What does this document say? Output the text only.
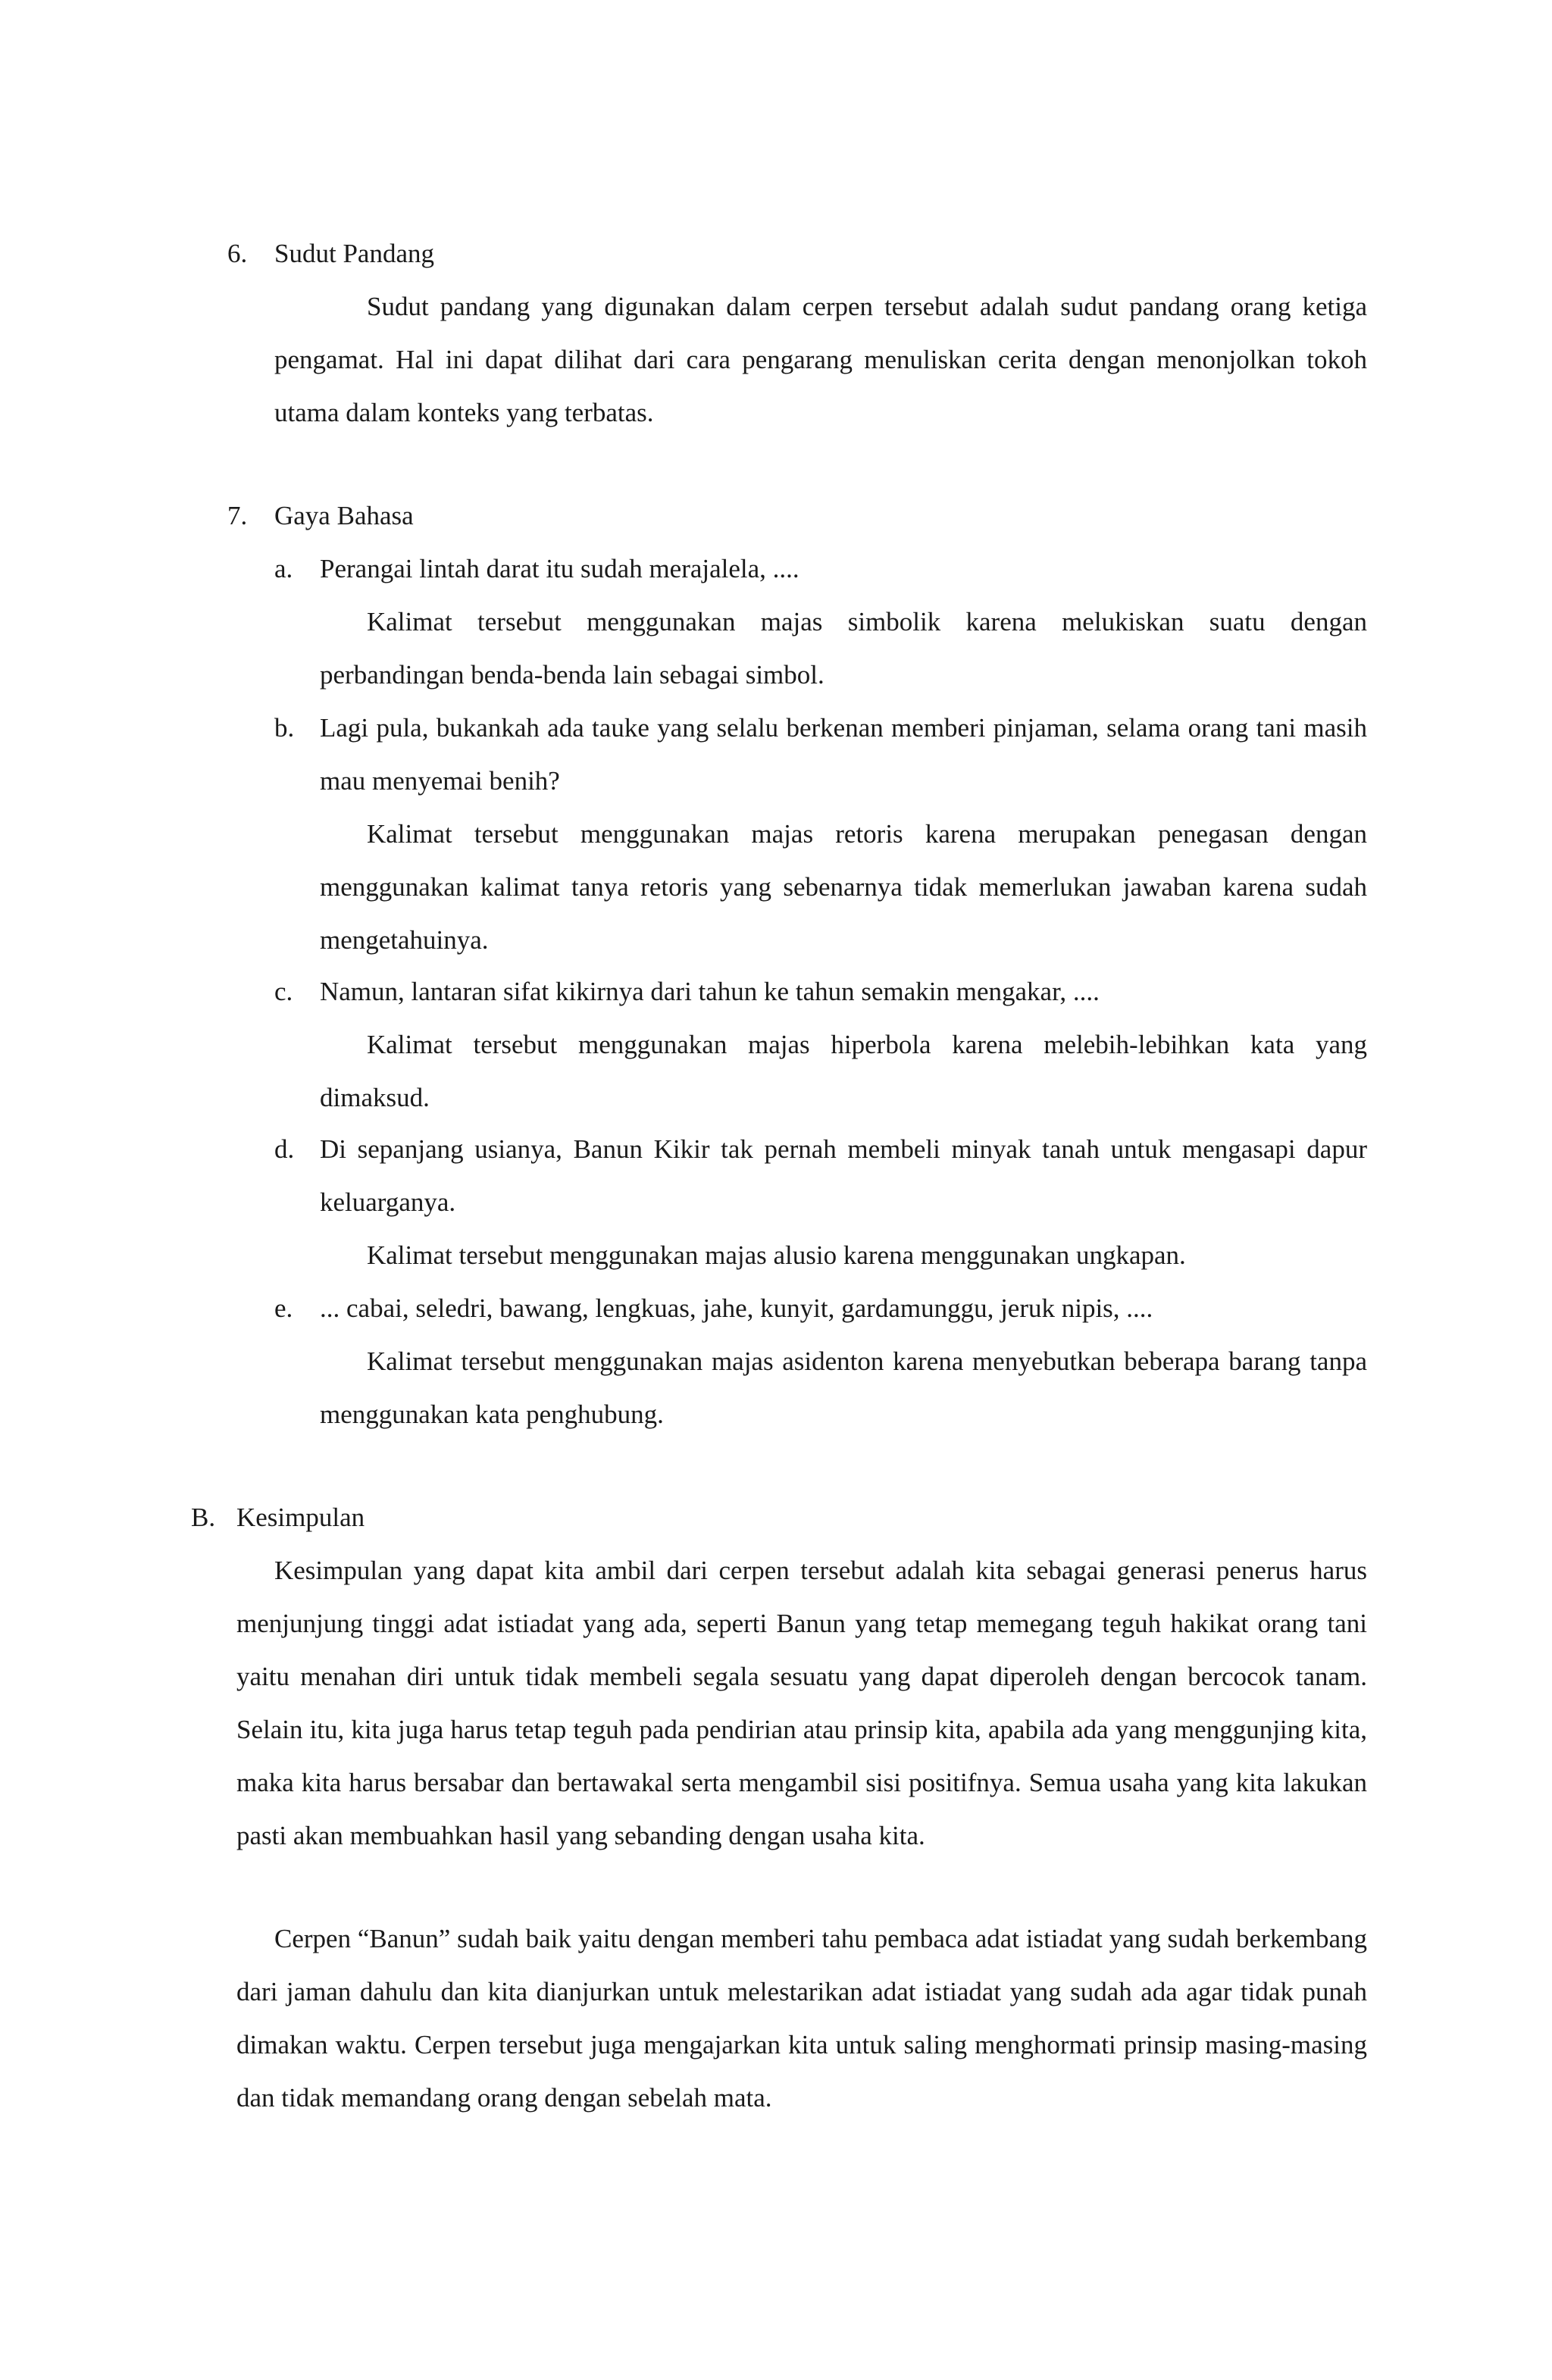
6. Sudut Pandang
Sudut pandang yang digunakan dalam cerpen tersebut adalah sudut pandang orang ketiga pengamat. Hal ini dapat dilihat dari cara pengarang menuliskan cerita dengan menonjolkan tokoh utama dalam konteks yang terbatas.
7. Gaya Bahasa
a. Perangai lintah darat itu sudah merajalela, ....
Kalimat tersebut menggunakan majas simbolik karena melukiskan suatu dengan perbandingan benda-benda lain sebagai simbol.
b. Lagi pula, bukankah ada tauke yang selalu berkenan memberi pinjaman, selama orang tani masih mau menyemai benih?
Kalimat tersebut menggunakan majas retoris karena merupakan penegasan dengan menggunakan kalimat tanya retoris yang sebenarnya tidak memerlukan jawaban karena sudah mengetahuinya.
c. Namun, lantaran sifat kikirnya dari tahun ke tahun semakin mengakar, ....
Kalimat tersebut menggunakan majas hiperbola karena melebih-lebihkan kata yang dimaksud.
d. Di sepanjang usianya, Banun Kikir tak pernah membeli minyak tanah untuk mengasapi dapur keluarganya.
Kalimat tersebut menggunakan majas alusio karena menggunakan ungkapan.
e. ... cabai, seledri, bawang, lengkuas, jahe, kunyit, gardamunggu, jeruk nipis, ....
Kalimat tersebut menggunakan majas asidenton karena menyebutkan beberapa barang tanpa menggunakan kata penghubung.
B. Kesimpulan
Kesimpulan yang dapat kita ambil dari cerpen tersebut adalah kita sebagai generasi penerus harus menjunjung tinggi adat istiadat yang ada, seperti Banun yang tetap memegang teguh hakikat orang tani yaitu menahan diri untuk tidak membeli segala sesuatu yang dapat diperoleh dengan bercocok tanam. Selain itu, kita juga harus tetap teguh pada pendirian atau prinsip kita, apabila ada yang menggunjing kita, maka kita harus bersabar dan bertawakal serta mengambil sisi positifnya. Semua usaha yang kita lakukan pasti akan membuahkan hasil yang sebanding dengan usaha kita.
Cerpen “Banun” sudah baik yaitu dengan memberi tahu pembaca adat istiadat yang sudah berkembang dari jaman dahulu dan kita dianjurkan untuk melestarikan adat istiadat yang sudah ada agar tidak punah dimakan waktu. Cerpen tersebut juga mengajarkan kita untuk saling menghormati prinsip masing-masing dan tidak memandang orang dengan sebelah mata.
